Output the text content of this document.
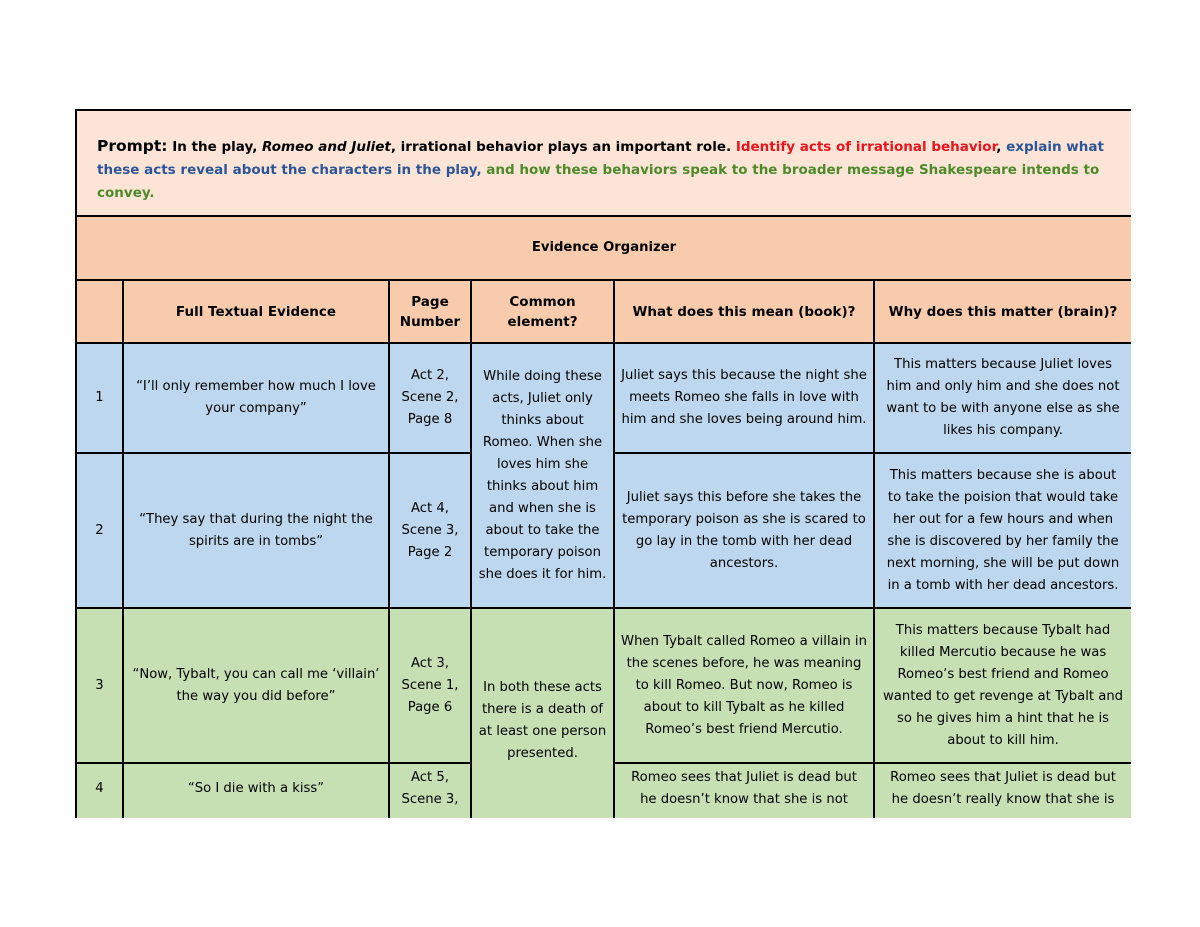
Prompt: In the play, Romeo and Juliet, irrational behavior plays an important role. Identify acts of irrational behavior, explain what these acts reveal about the characters in the play, and how these behaviors speak to the broader message Shakespeare intends to convey.					
Evidence Organizer					
	Full Textual Evidence	Page Number	Common element?	What does this mean (book)?	Why does this matter (brain)?
1	“I’ll only remember how much I love your company”	Act 2, Scene 2, Page 8	While doing these acts, Juliet only thinks about Romeo. When she loves him she thinks about him and when she is about to take the temporary poison she does it for him.	Juliet says this because the night she meets Romeo she falls in love with him and she loves being around him.	This matters because Juliet loves him and only him and she does not want to be with anyone else as she likes his company.
2	“They say that during the night the spirits are in tombs”	Act 4, Scene 3, Page 2		Juliet says this before she takes the temporary poison as she is scared to go lay in the tomb with her dead ancestors.	This matters because she is about to take the poision that would take her out for a few hours and when she is discovered by her family the next morning, she will be put down in a tomb with her dead ancestors.
3	“Now, Tybalt, you can call me ‘villain’ the way you did before”	Act 3, Scene 1, Page 6	In both these acts there is a death of at least one person presented.	When Tybalt called Romeo a villain in the scenes before, he was meaning to kill Romeo. But now, Romeo is about to kill Tybalt as he killed Romeo’s best friend Mercutio.	This matters because Tybalt had killed Mercutio because he was Romeo’s best friend and Romeo wanted to get revenge at Tybalt and so he gives him a hint that he is about to kill him.
4	“So I die with a kiss”	Act 5, Scene 3,		Romeo sees that Juliet is dead but he doesn’t know that she is not	Romeo sees that Juliet is dead but he doesn’t really know that she is
